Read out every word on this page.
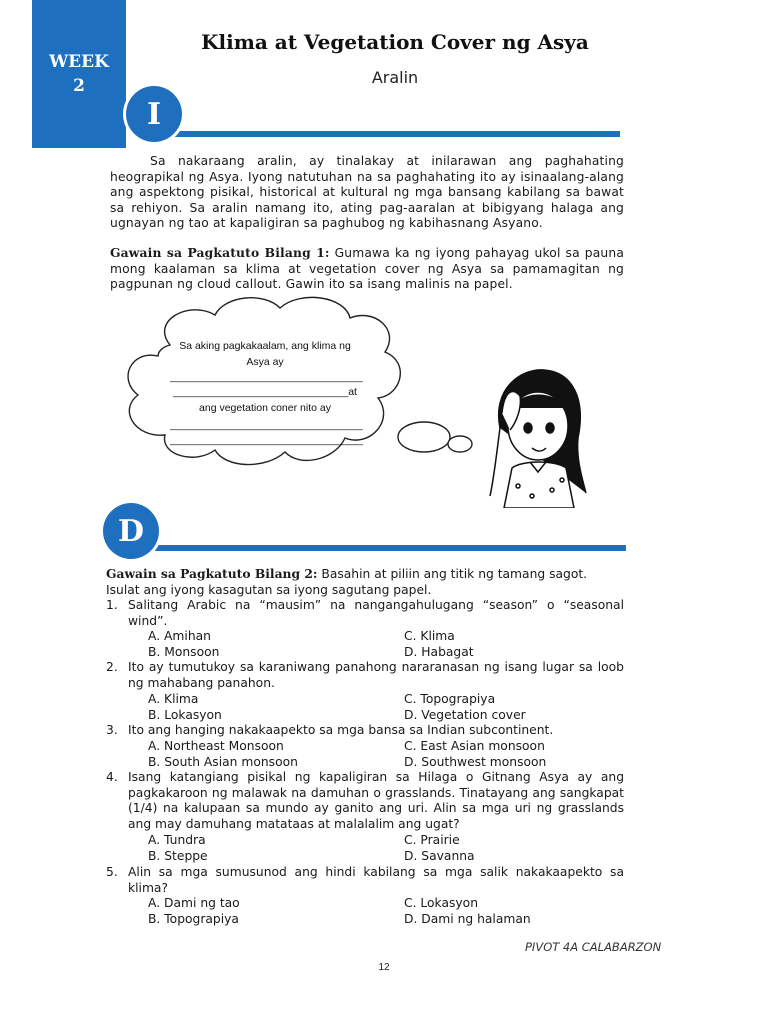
WEEK
2
Klima at Vegetation Cover ng Asya
Aralin
I
Sa nakaraang aralin, ay tinalakay at inilarawan ang paghahating heograpikal ng Asya. Iyong natutuhan na sa paghahating ito ay isinaalang-alang ang aspektong pisikal, historical at kultural ng mga bansang kabilang sa bawat sa rehiyon. Sa aralin namang ito, ating pag-aaralan at bibigyang halaga ang ugnayan ng tao at kapaligiran sa paghubog ng kabihasnang Asyano.
Gawain sa Pagkatuto Bilang 1: Gumawa ka ng iyong pahayag ukol sa pauna mong kaalaman sa klima at vegetation cover ng Asya sa pamamagitan ng pagpunan ng cloud callout. Gawin ito sa isang malinis na papel.
Sa aking pagkakaalam, ang klima ng
Asya ay
_________________________________
______________________________at
ang vegetation coner nito ay
_________________________________
_________________________________
D
Gawain sa Pagkatuto Bilang 2: Basahin at piliin ang titik ng tamang sagot. Isulat ang iyong kasagutan sa iyong sagutang papel.
1. Salitang Arabic na “mausim” na nangangahulugang “season” o “seasonal wind”.
A. Amihan	C. Klima
B. Monsoon	D. Habagat
2. Ito ay tumutukoy sa karaniwang panahong nararanasan ng isang lugar sa loob ng mahabang panahon.
A. Klima	C. Topograpiya
B. Lokasyon	D. Vegetation cover
3. Ito ang hanging nakakaapekto sa mga bansa sa Indian subcontinent.
A. Northeast Monsoon	C. East Asian monsoon
B. South Asian monsoon	D. Southwest monsoon
4. Isang katangiang pisikal ng kapaligiran sa Hilaga o Gitnang Asya ay ang pagkakaroon ng malawak na damuhan o grasslands. Tinatayang ang sangkapat (1/4) na kalupaan sa mundo ay ganito ang uri. Alin sa mga uri ng grasslands ang may damuhang matataas at malalalim ang ugat?
A. Tundra	C. Prairie
B. Steppe	D. Savanna
5. Alin sa mga sumusunod ang hindi kabilang sa mga salik nakakaapekto sa klima?
A. Dami ng tao	C. Lokasyon
B. Topograpiya	D. Dami ng halaman
PIVOT 4A CALABARZON
12
